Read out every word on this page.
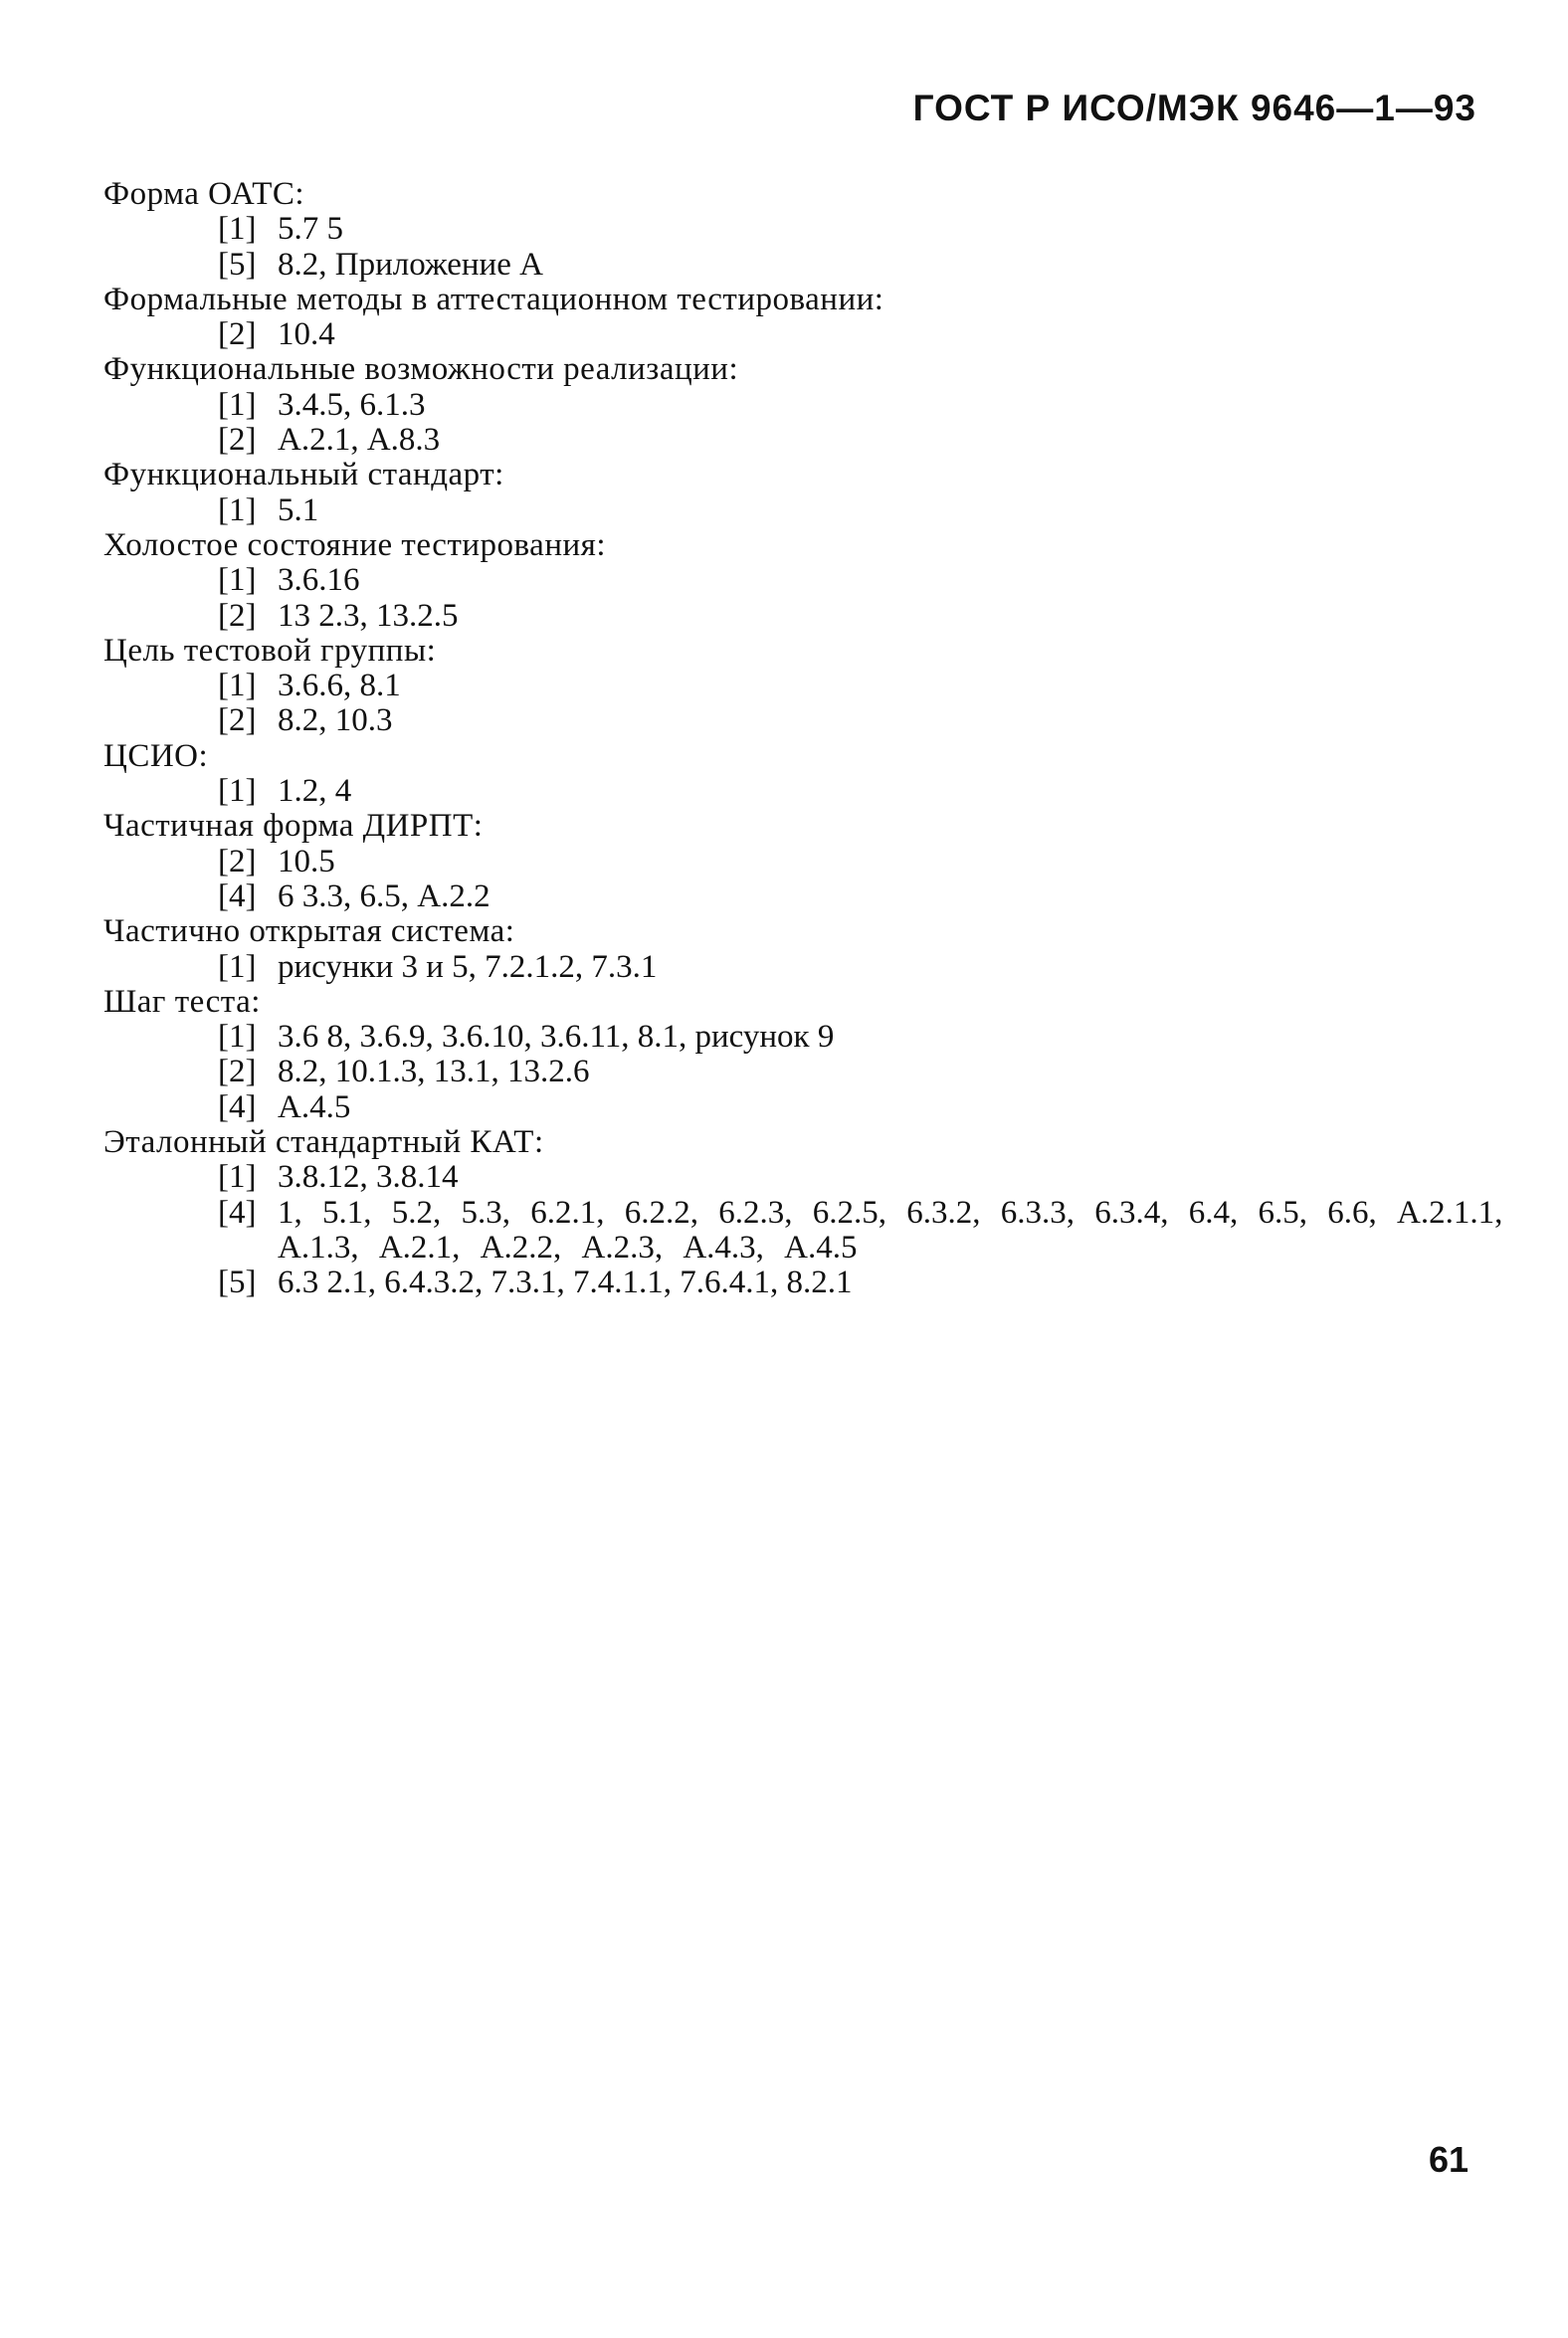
ГОСТ Р ИСО/МЭК 9646—1—93
Форма ОАТС:
[1] 5.7 5
[5] 8.2, Приложение А
Формальные методы в аттестационном тестировании:
[2] 10.4
Функциональные возможности реализации:
[1] 3.4.5, 6.1.3
[2] А.2.1, А.8.3
Функциональный стандарт:
[1] 5.1
Холостое состояние тестирования:
[1] 3.6.16
[2] 13 2.3, 13.2.5
Цель тестовой группы:
[1] 3.6.6, 8.1
[2] 8.2, 10.3
ЦСИО:
[1] 1.2, 4
Частичная форма ДИРПТ:
[2] 10.5
[4] 6 3.3, 6.5, А.2.2
Частично открытая система:
[1] рисунки 3 и 5, 7.2.1.2, 7.3.1
Шаг теста:
[1] 3.6 8, 3.6.9, 3.6.10, 3.6.11, 8.1, рисунок 9
[2] 8.2, 10.1.3, 13.1, 13.2.6
[4] А.4.5
Эталонный стандартный КАТ:
[1] 3.8.12, 3.8.14
[4] 1, 5.1, 5.2, 5.3, 6.2.1, 6.2.2, 6.2.3, 6.2.5, 6.3.2, 6.3.3, 6.3.4, 6.4, 6.5, 6.6, А.2.1.1, А.1.3, А.2.1, А.2.2, А.2.3, А.4.3, А.4.5
[5] 6.3 2.1, 6.4.3.2, 7.3.1, 7.4.1.1, 7.6.4.1, 8.2.1
61
